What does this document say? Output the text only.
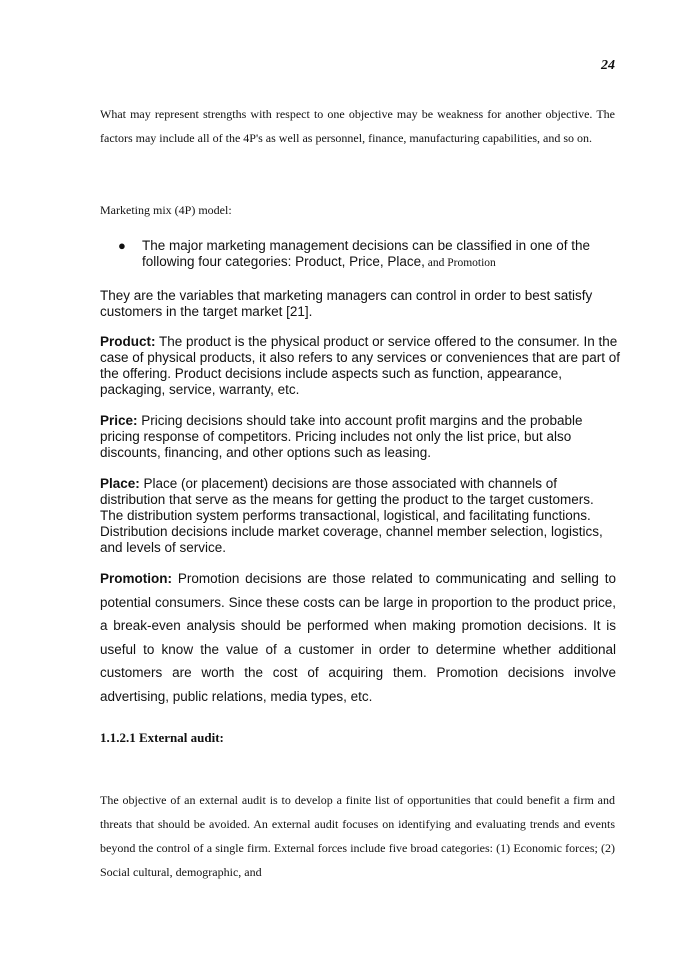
24

What may represent strengths with respect to one objective may be weakness for another objective. The factors may include all of the 4P's as well as personnel, finance, manufacturing capabilities, and so on.

Marketing mix (4P) model:

● The major marketing management decisions can be classified in one of the following four categories: Product, Price, Place, and Promotion

They are the variables that marketing managers can control in order to best satisfy customers in the target market [21].

Product: The product is the physical product or service offered to the consumer. In the case of physical products, it also refers to any services or conveniences that are part of the offering. Product decisions include aspects such as function, appearance, packaging, service, warranty, etc.

Price: Pricing decisions should take into account profit margins and the probable pricing response of competitors. Pricing includes not only the list price, but also discounts, financing, and other options such as leasing.

Place: Place (or placement) decisions are those associated with channels of distribution that serve as the means for getting the product to the target customers. The distribution system performs transactional, logistical, and facilitating functions. Distribution decisions include market coverage, channel member selection, logistics, and levels of service.

Promotion: Promotion decisions are those related to communicating and selling to potential consumers. Since these costs can be large in proportion to the product price, a break-even analysis should be performed when making promotion decisions. It is useful to know the value of a customer in order to determine whether additional customers are worth the cost of acquiring them. Promotion decisions involve advertising, public relations, media types, etc.

1.1.2.1 External audit:

The objective of an external audit is to develop a finite list of opportunities that could benefit a firm and threats that should be avoided. An external audit focuses on identifying and evaluating trends and events beyond the control of a single firm. External forces include five broad categories: (1) Economic forces; (2) Social cultural, demographic, and
